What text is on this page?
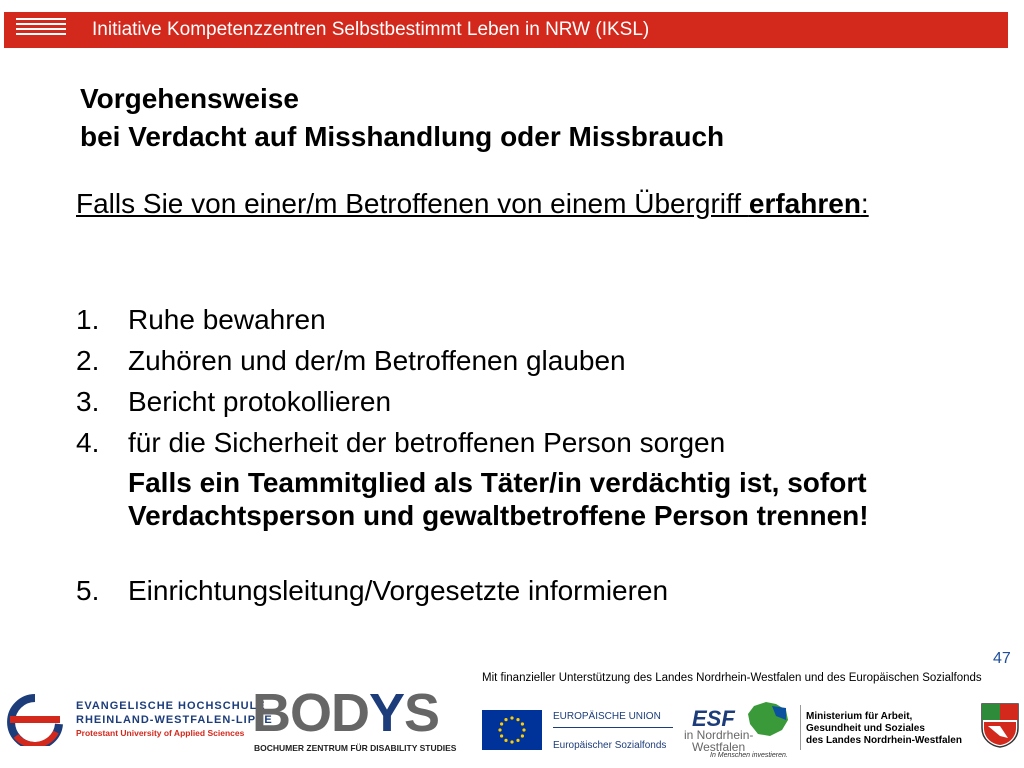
Initiative Kompetenzzentren Selbstbestimmt Leben in NRW (IKSL)
Vorgehensweise
bei Verdacht auf Misshandlung oder Missbrauch
Falls Sie von einer/m Betroffenen von einem Übergriff erfahren:
1.	Ruhe bewahren
2.	Zuhören und der/m Betroffenen glauben
3.	Bericht protokollieren
4.	für die Sicherheit der betroffenen Person sorgen
Falls ein Teammitglied als Täter/in verdächtig ist, sofort Verdachtsperson und gewaltbetroffene Person trennen!
5. Einrichtungsleitung/Vorgesetzte informieren
47
Mit finanzieller Unterstützung des Landes Nordrhein-Westfalen und des Europäischen Sozialfonds
EVANGELISCHE HOCHSCHULE
RHEINLAND-WESTFALEN-LIPPE
Protestant University of Applied Sciences BODYS
BOCHUMER ZENTRUM FÜR DISABILITY STUDIES
EUROPÄISCHE UNION
Europäischer Sozialfonds
ESF
in Nordrhein-
Westfalen
In Menschen investieren.
Ministerium für Arbeit,
Gesundheit und Soziales
des Landes Nordrhein-Westfalen
